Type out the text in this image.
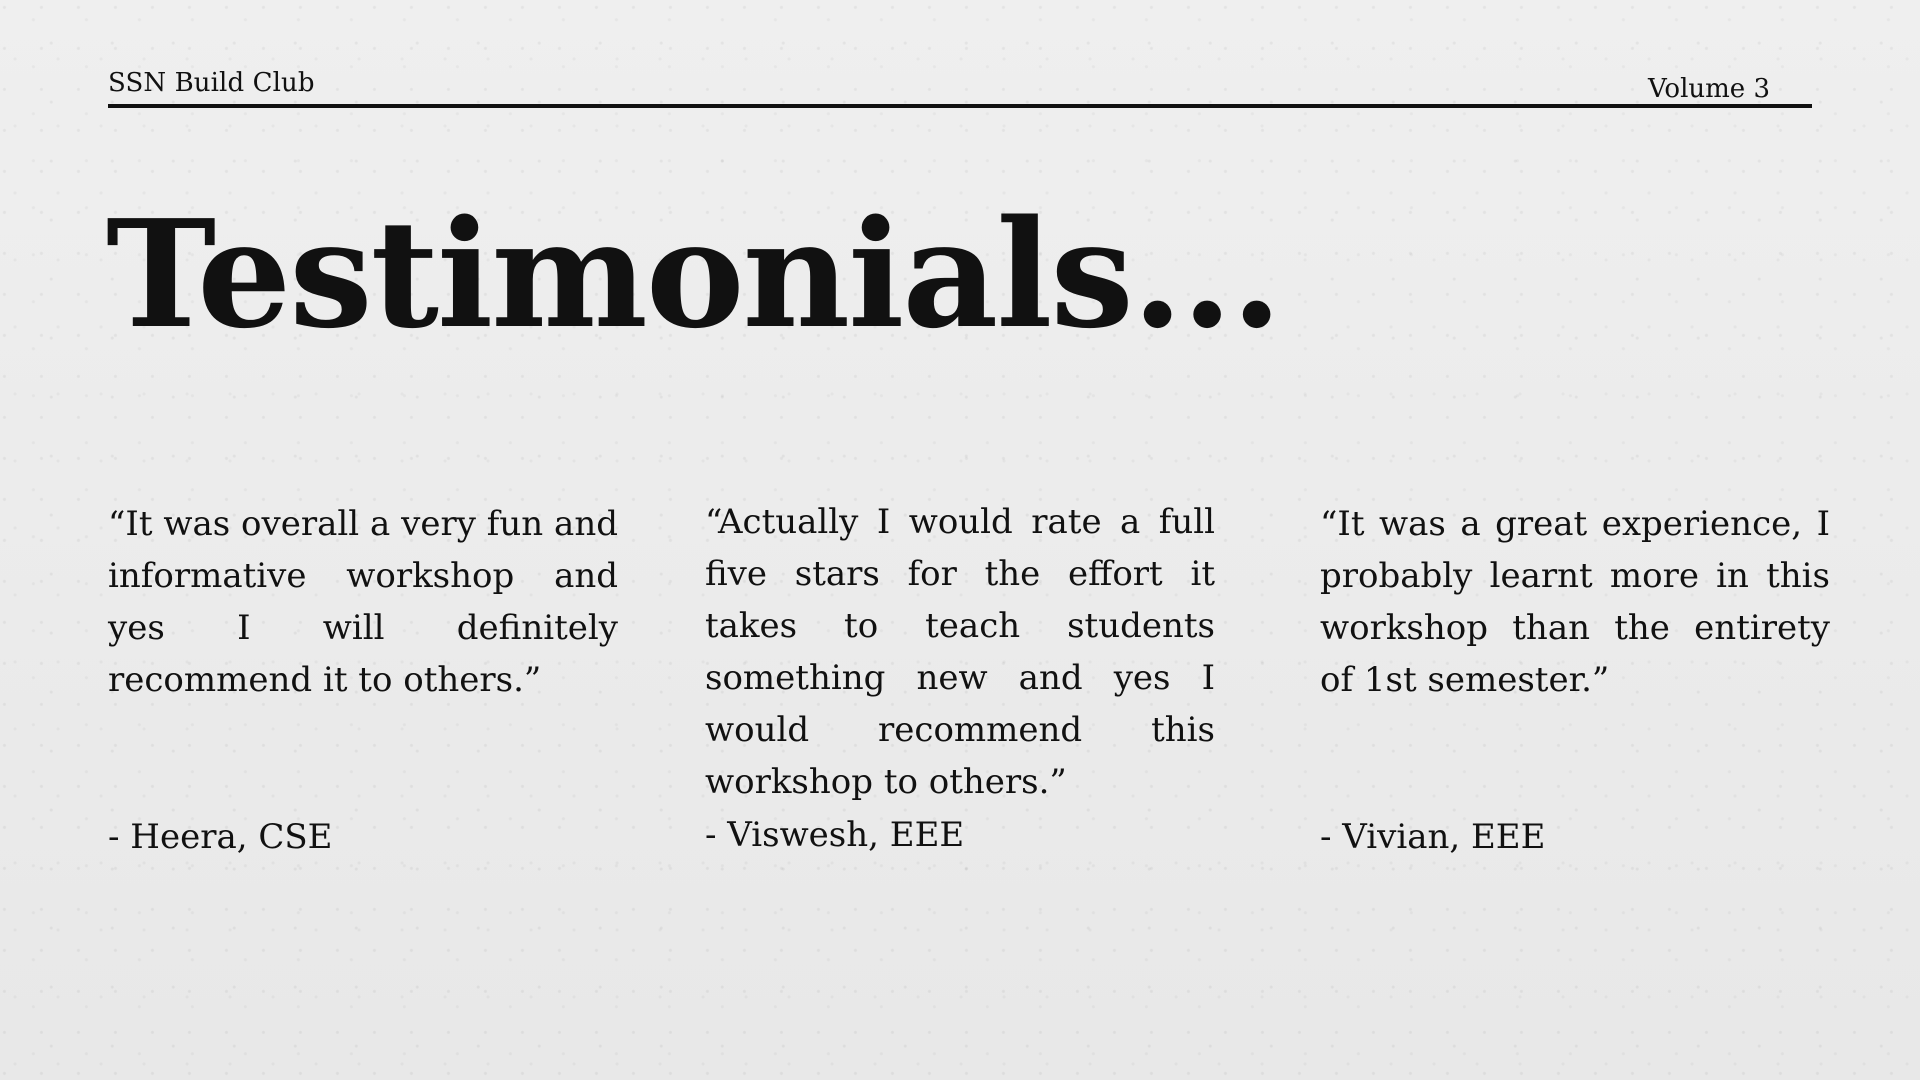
SSN Build Club	Volume 3
Testimonials...

“It was overall a very fun and informative workshop and yes I will definitely recommend it to others.”

- Heera, CSE

“Actually I would rate a full five stars for the effort it takes to teach students something new and yes I would recommend this workshop to others.”

- Viswesh, EEE

“It was a great experience, I probably learnt more in this workshop than the entirety of 1st semester.”

- Vivian, EEE
